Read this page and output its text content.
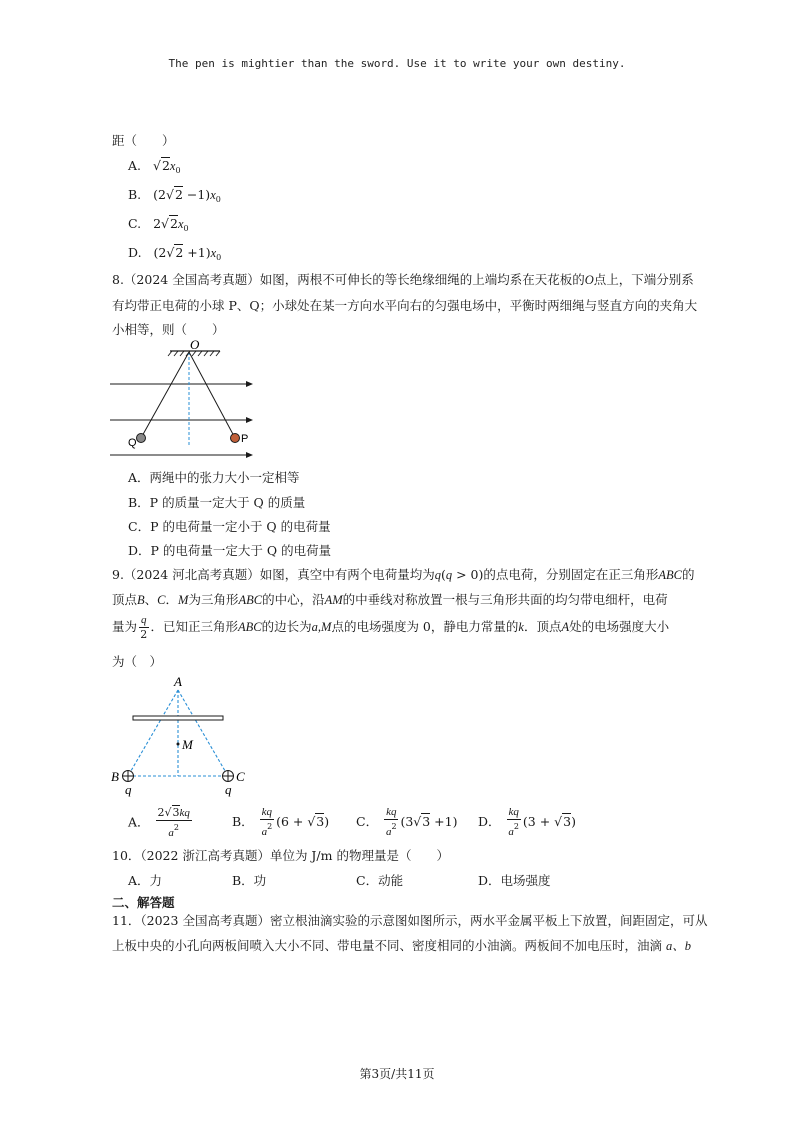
The pen is mightier than the sword. Use it to write your own destiny.
距（　　）
A. $√2x_0$
B. $(2√2 -1)x_0$
C. $2√2x_0$
D. $(2√2 +1)x_0$
8.（2024 全国高考真题）如图，两根不可伸长的等长绝缘细绳的上端均系在天花板的O点上，下端分别系
有均带正电荷的小球 P、Q；小球处在某一方向水平向右的匀强电场中，平衡时两细绳与竖直方向的夹角大
小相等，则（　　）
O
Q	P
A．两绳中的张力大小一定相等
B．P 的质量一定大于 Q 的质量
C．P 的电荷量一定小于 Q 的电荷量
D．P 的电荷量一定大于 Q 的电荷量
9.（2024 河北高考真题）如图，真空中有两个电荷量均为q(q > 0)的点电荷，分别固定在正三角形ABC的
顶点B、C．M为三角形ABC的中心，沿AM的中垂线对称放置一根与三角形共面的均匀带电细杆，电荷
量为 $\frac{q}{2}$ ．已知正三角形ABC的边长为a,M点的电场强度为 0，静电力常量的k．顶点A处的电场强度大小
为（　）
A
M
B	C
q	q
A． $\frac{2√3kq}{a^2}$	B． $\frac{kq}{a^2} (6 + √3)$ C． $\frac{kq}{a^2} (3√3 +1)$ D． $\frac{kq}{a^2} (3 + √3)$
10．（2022 浙江高考真题）单位为 J/m 的物理量是（　　）
A．力	B．功	C．动能	D．电场强度
二、解答题
11．（2023 全国高考真题）密立根油滴实验的示意图如图所示，两水平金属平板上下放置，间距固定，可从
上板中央的小孔向两板间喷入大小不同、带电量不同、密度相同的小油滴。两板间不加电压时，油滴 a、b
第3页/共11页
